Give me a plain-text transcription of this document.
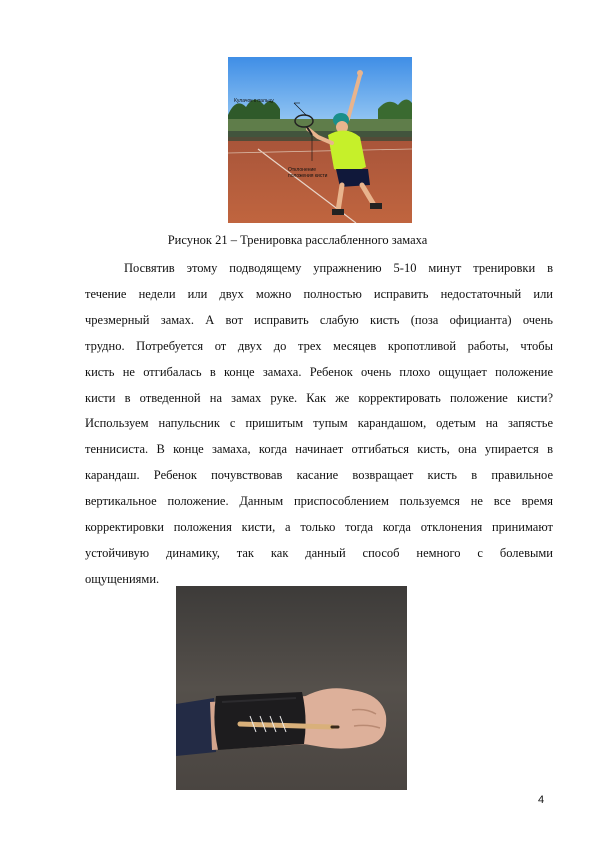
Кулачок к пальцу
Отклонение положения кисти
Рисунок 21 – Тренировка расслабленного замаха
Посвятив этому подводящему упражнению 5-10 минут тренировки в
течение недели или двух можно полностью исправить недостаточный или
чрезмерный замах. А вот исправить слабую кисть (поза официанта) очень
трудно. Потребуется от двух до трех месяцев кропотливой работы, чтобы
кисть не отгибалась в конце замаха. Ребенок очень плохо ощущает положение
кисти в отведенной на замах руке. Как же корректировать положение кисти?
Используем напульсник с пришитым тупым карандашом, одетым на запястье
теннисиста. В конце замаха, когда начинает отгибаться кисть, она упирается в
карандаш. Ребенок почувствовав касание возвращает кисть в правильное
вертикальное положение. Данным приспособлением пользуемся не все время
корректировки положения кисти, а только тогда когда отклонения принимают
устойчивую динамику, так как данный способ немного с болевыми
ощущениями.
4
